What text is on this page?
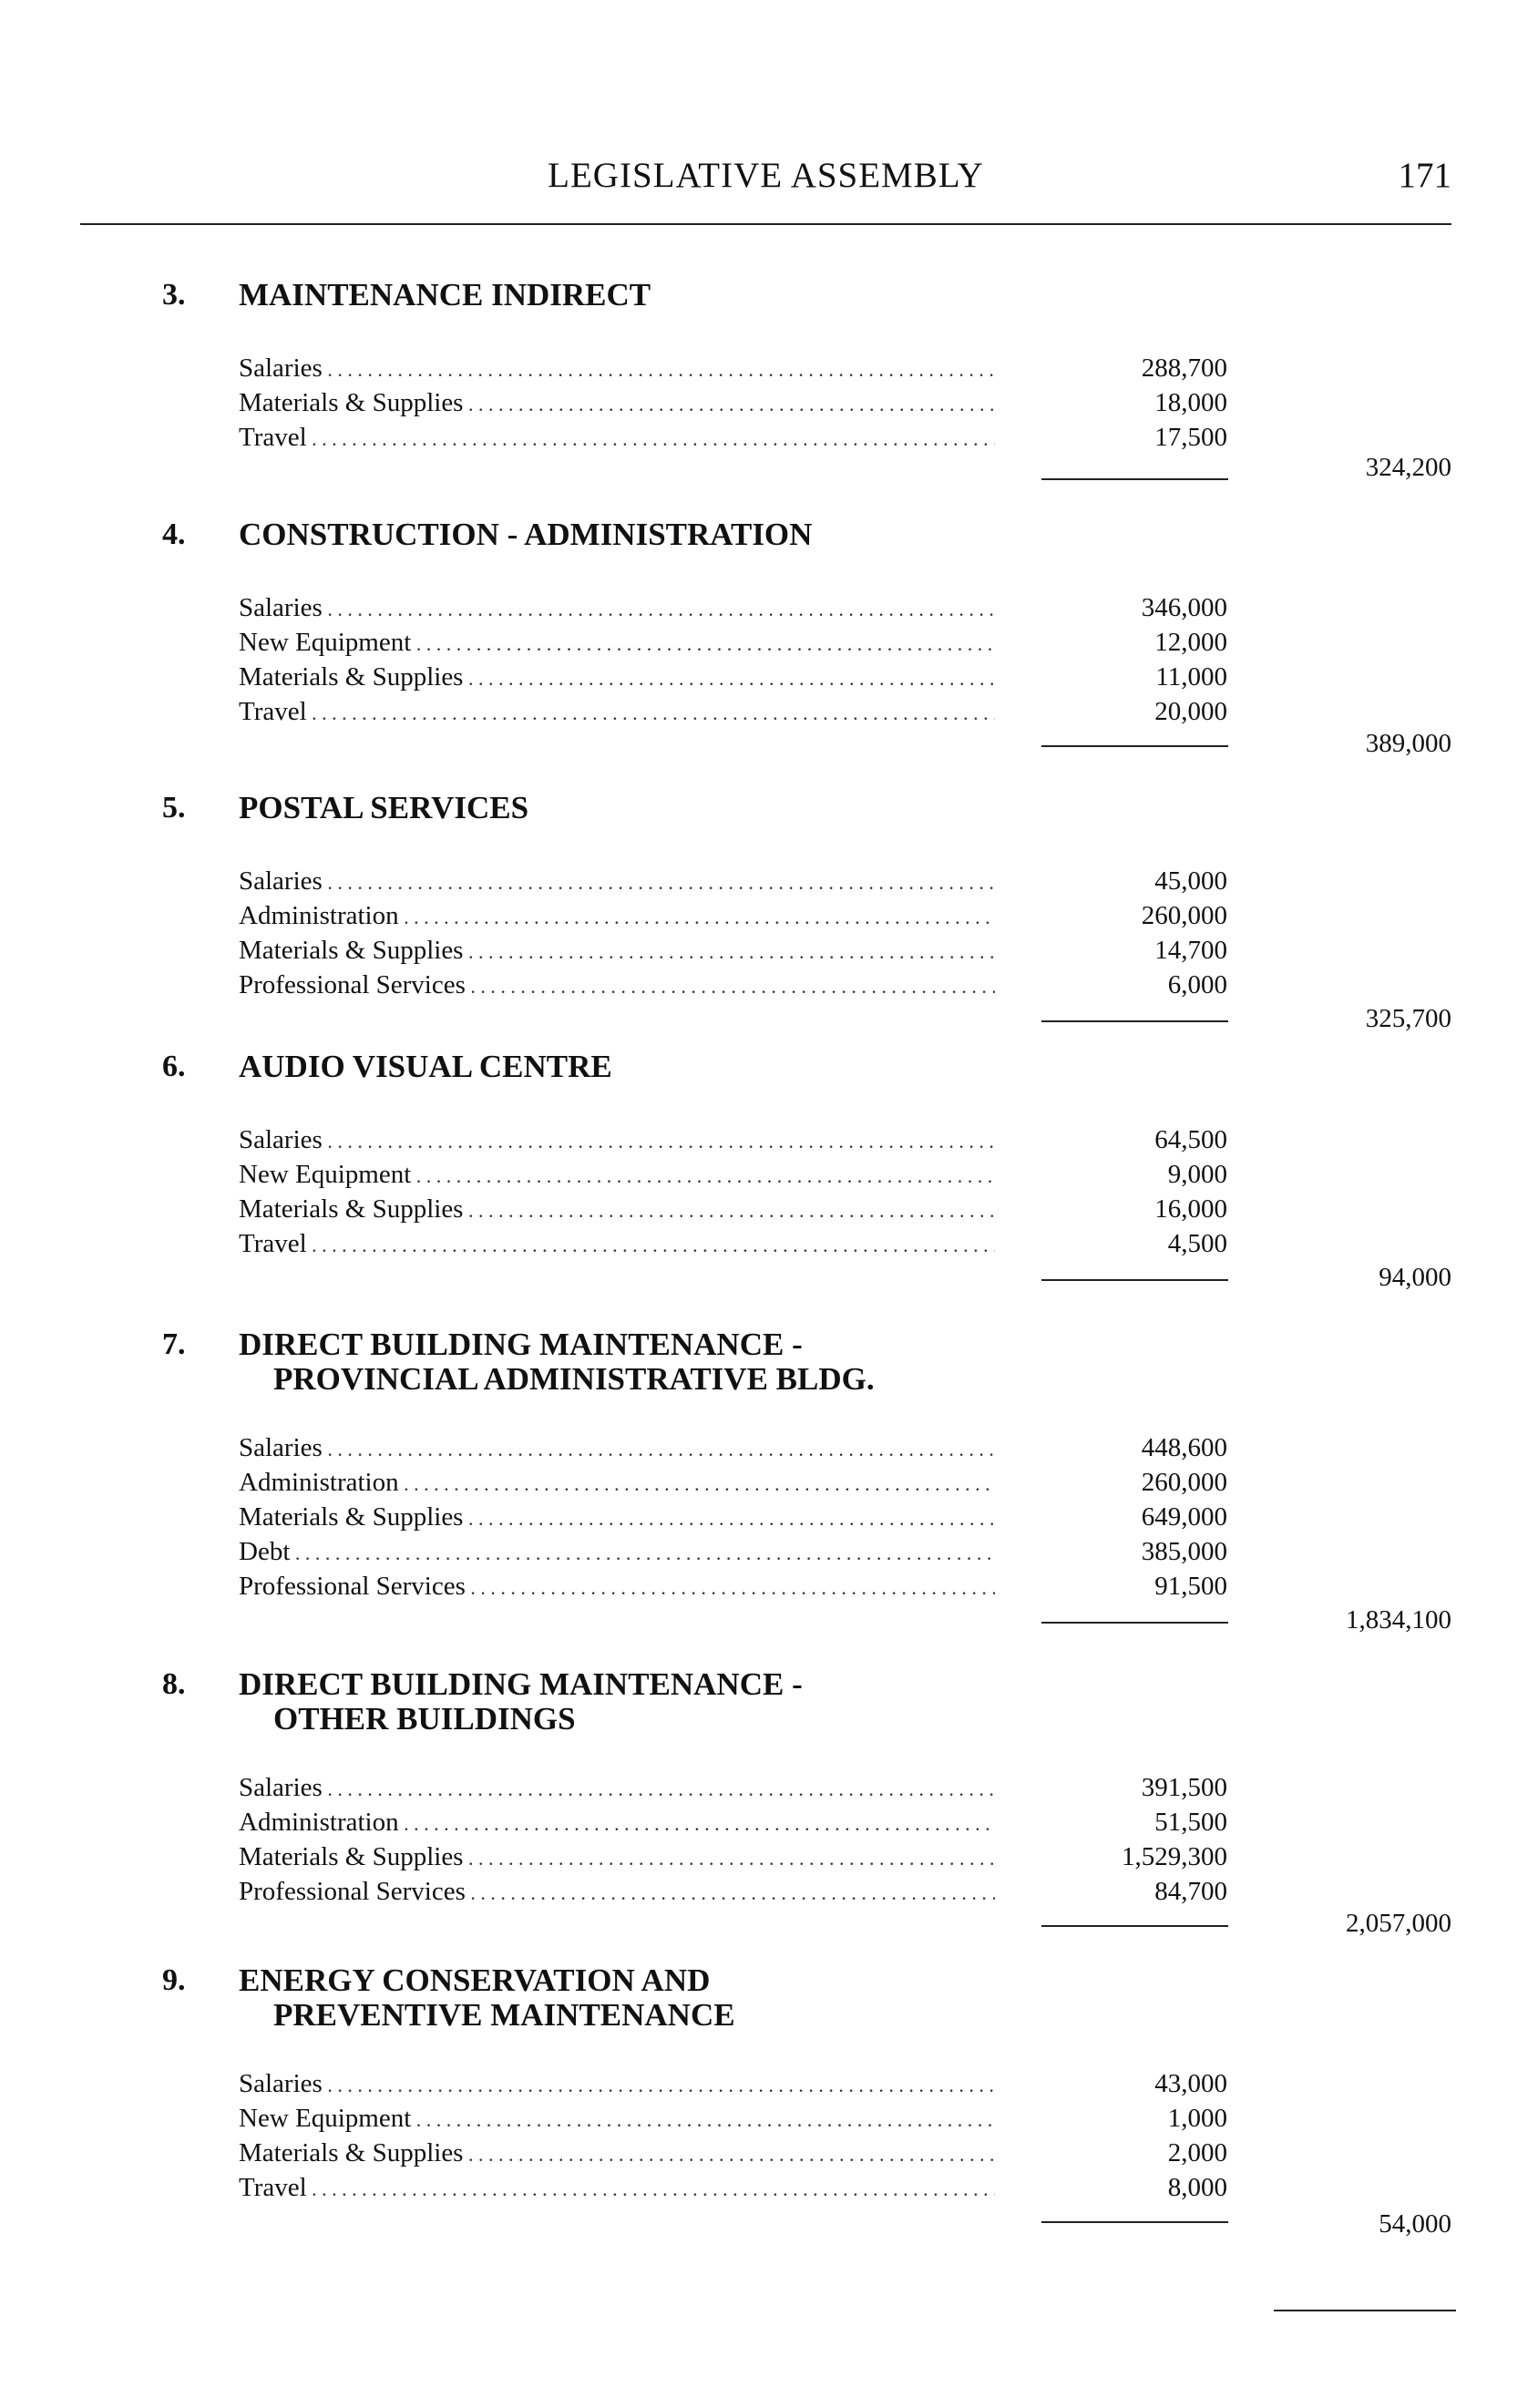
LEGISLATIVE ASSEMBLY	171
3. MAINTENANCE INDIRECT
Salaries . . .	288,700
Materials & Supplies . . .	18,000
Travel . . .	17,500
324,200
4. CONSTRUCTION - ADMINISTRATION
Salaries . . .	346,000
New Equipment . . .	12,000
Materials & Supplies . . .	11,000
Travel . . .	20,000
389,000
5. POSTAL SERVICES
Salaries . . .	45,000
Administration . . .	260,000
Materials & Supplies . . .	14,700
Professional Services . . .	6,000
325,700
6. AUDIO VISUAL CENTRE
Salaries . . .	64,500
New Equipment . . .	9,000
Materials & Supplies . . .	16,000
Travel . . .	4,500
94,000
7. DIRECT BUILDING MAINTENANCE -
PROVINCIAL ADMINISTRATIVE BLDG.
Salaries . . .	448,600
Administration . . .	260,000
Materials & Supplies . . .	649,000
Debt . . .	385,000
Professional Services . . .	91,500
1,834,100
8. DIRECT BUILDING MAINTENANCE -
OTHER BUILDINGS
Salaries . . .	391,500
Administration . . .	51,500
Materials & Supplies . . .	1,529,300
Professional Services . . .	84,700
2,057,000
9. ENERGY CONSERVATION AND
PREVENTIVE MAINTENANCE
Salaries . . .	43,000
New Equipment . . .	1,000
Materials & Supplies . . .	2,000
Travel . . .	8,000
54,000
